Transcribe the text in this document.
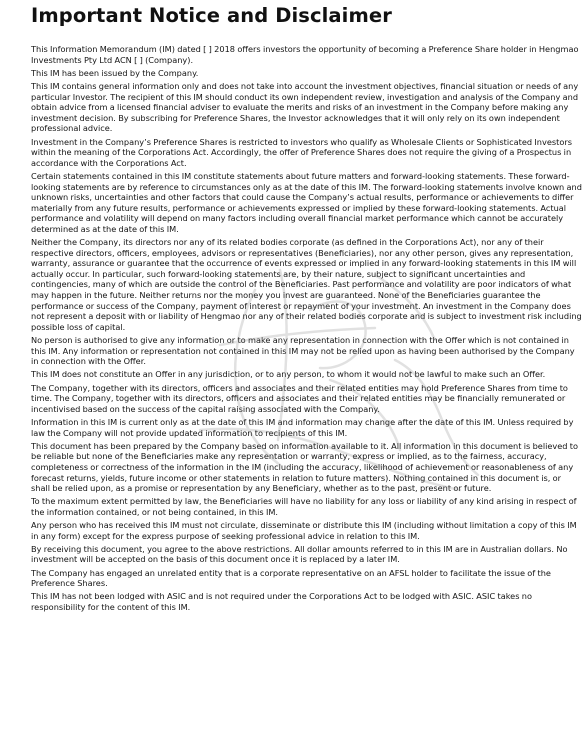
Important Notice and Disclaimer

This Information Memorandum (IM) dated [ ] 2018 offers investors the opportunity of becoming a Preference Share holder in Hengmao Investments Pty Ltd ACN [ ] (Company).

This IM has been issued by the Company.

This IM contains general information only and does not take into account the investment objectives, financial situation or needs of any particular Investor. The recipient of this IM should conduct its own independent review, investigation and analysis of the Company and obtain advice from a licensed financial adviser to evaluate the merits and risks of an investment in the Company before making any investment decision. By subscribing for Preference Shares, the Investor acknowledges that it will only rely on its own independent professional advice.

Investment in the Company’s Preference Shares is restricted to investors who qualify as Wholesale Clients or Sophisticated Investors within the meaning of the Corporations Act. Accordingly, the offer of Preference Shares does not require the giving of a Prospectus in accordance with the Corporations Act.

Certain statements contained in this IM constitute statements about future matters and forward-looking statements. These forward-looking statements are by reference to circumstances only as at the date of this IM. The forward-looking statements involve known and unknown risks, uncertainties and other factors that could cause the Company’s actual results, performance or achievements to differ materially from any future results, performance or achievements expressed or implied by these forward-looking statements. Actual performance and volatility will depend on many factors including overall financial market performance which cannot be accurately determined as at the date of this IM.

Neither the Company, its directors nor any of its related bodies corporate (as defined in the Corporations Act), nor any of their respective directors, officers, employees, advisors or representatives (Beneficiaries), nor any other person, gives any representation, warranty, assurance or guarantee that the occurrence of events expressed or implied in any forward-looking statements in this IM will actually occur. In particular, such forward-looking statements are, by their nature, subject to significant uncertainties and contingencies, many of which are outside the control of the Beneficiaries. Past performance and volatility are poor indicators of what may happen in the future. Neither returns nor the money you invest are guaranteed. None of the Beneficiaries guarantee the performance or success of the Company, payment of interest or repayment of your investment. An investment in the Company does not represent a deposit with or liability of Hengmao nor any of their related bodies corporate and is subject to investment risk including possible loss of capital.

No person is authorised to give any information or to make any representation in connection with the Offer which is not contained in this IM. Any information or representation not contained in this IM may not be relied upon as having been authorised by the Company in connection with the Offer.

This IM does not constitute an Offer in any jurisdiction, or to any person, to whom it would not be lawful to make such an Offer.

The Company, together with its directors, officers and associates and their related entities may hold Preference Shares from time to time. The Company, together with its directors, officers and associates and their related entities may be financially remunerated or incentivised based on the success of the capital raising associated with the Company.

Information in this IM is current only as at the date of this IM and information may change after the date of this IM. Unless required by law the Company will not provide updated information to recipients of this IM.

This document has been prepared by the Company based on information available to it. All information in this document is believed to be reliable but none of the Beneficiaries make any representation or warranty, express or implied, as to the fairness, accuracy, completeness or correctness of the information in the IM (including the accuracy, likelihood of achievement or reasonableness of any forecast returns, yields, future income or other statements in relation to future matters). Nothing contained in this document is, or shall be relied upon, as a promise or representation by any Beneficiary, whether as to the past, present or future.

To the maximum extent permitted by law, the Beneficiaries will have no liability for any loss or liability of any kind arising in respect of the information contained, or not being contained, in this IM.

Any person who has received this IM must not circulate, disseminate or distribute this IM (including without limitation a copy of this IM in any form) except for the express purpose of seeking professional advice in relation to this IM.

By receiving this document, you agree to the above restrictions. All dollar amounts referred to in this IM are in Australian dollars. No investment will be accepted on the basis of this document once it is replaced by a later IM.

The Company has engaged an unrelated entity that is a corporate representative on an AFSL holder to facilitate the issue of the Preference Shares.

This IM has not been lodged with ASIC and is not required under the Corporations Act to be lodged with ASIC. ASIC takes no responsibility for the content of this IM.
